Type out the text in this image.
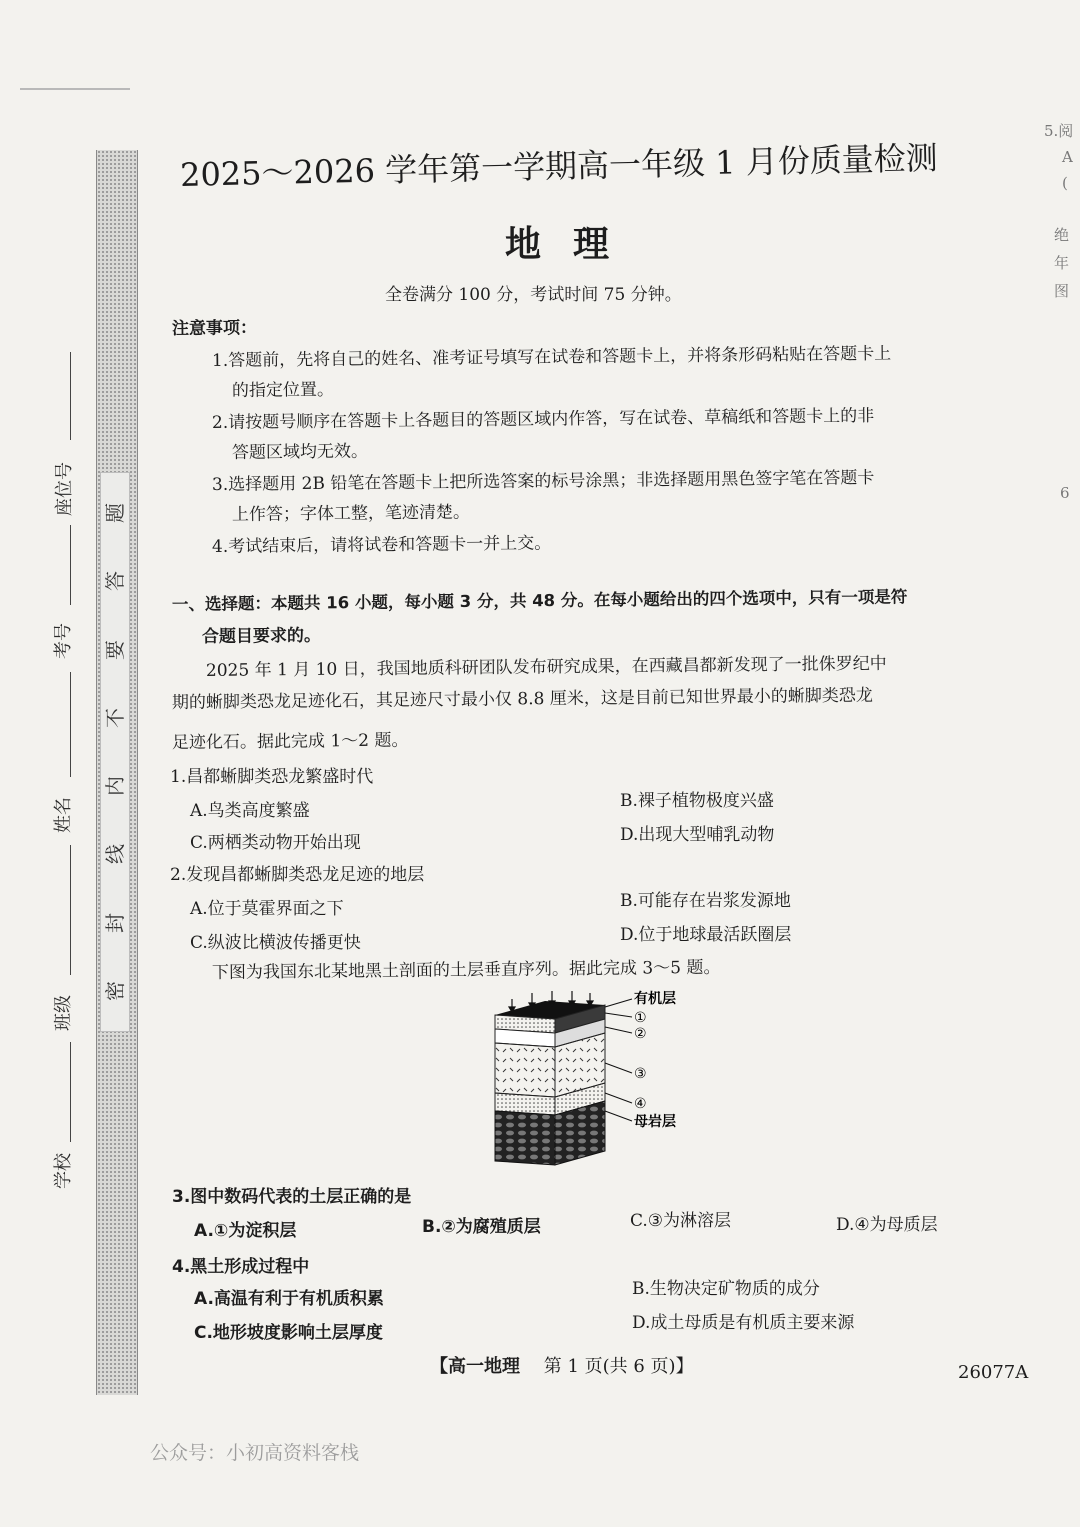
题
答
要
不
内
线
封
密
座位号
考号
姓名
班级
学校
2025～2026 学年第一学期高一年级 1 月份质量检测
地理
全卷满分 100 分，考试时间 75 分钟。
注意事项：
1.答题前，先将自己的姓名、准考证号填写在试卷和答题卡上，并将条形码粘贴在答题卡上
的指定位置。
2.请按题号顺序在答题卡上各题目的答题区域内作答，写在试卷、草稿纸和答题卡上的非
答题区域均无效。
3.选择题用 2B 铅笔在答题卡上把所选答案的标号涂黑；非选择题用黑色签字笔在答题卡
上作答；字体工整，笔迹清楚。
4.考试结束后，请将试卷和答题卡一并上交。
一、选择题：本题共 16 小题，每小题 3 分，共 48 分。在每小题给出的四个选项中，只有一项是符
合题目要求的。
2025 年 1 月 10 日，我国地质科研团队发布研究成果，在西藏昌都新发现了一批侏罗纪中
期的蜥脚类恐龙足迹化石，其足迹尺寸最小仅 8.8 厘米，这是目前已知世界最小的蜥脚类恐龙
足迹化石。据此完成 1～2 题。
1.昌都蜥脚类恐龙繁盛时代
A.鸟类高度繁盛	B.裸子植物极度兴盛
C.两栖类动物开始出现	D.出现大型哺乳动物
2.发现昌都蜥脚类恐龙足迹的地层
A.位于莫霍界面之下	B.可能存在岩浆发源地
C.纵波比横波传播更快	D.位于地球最活跃圈层
下图为我国东北某地黑土剖面的土层垂直序列。据此完成 3～5 题。
有机层
①
②
③
④
母岩层
3.图中数码代表的土层正确的是
A.①为淀积层	B.②为腐殖质层	C.③为淋溶层	D.④为母质层
4.黑土形成过程中
A.高温有利于有机质积累	B.生物决定矿物质的成分
C.地形坡度影响土层厚度	D.成土母质是有机质主要来源
【高一地理 第 1 页(共 6 页)】	26077A
公众号：小初高资料客栈
5.阅
A
(
绝
年
图
6
